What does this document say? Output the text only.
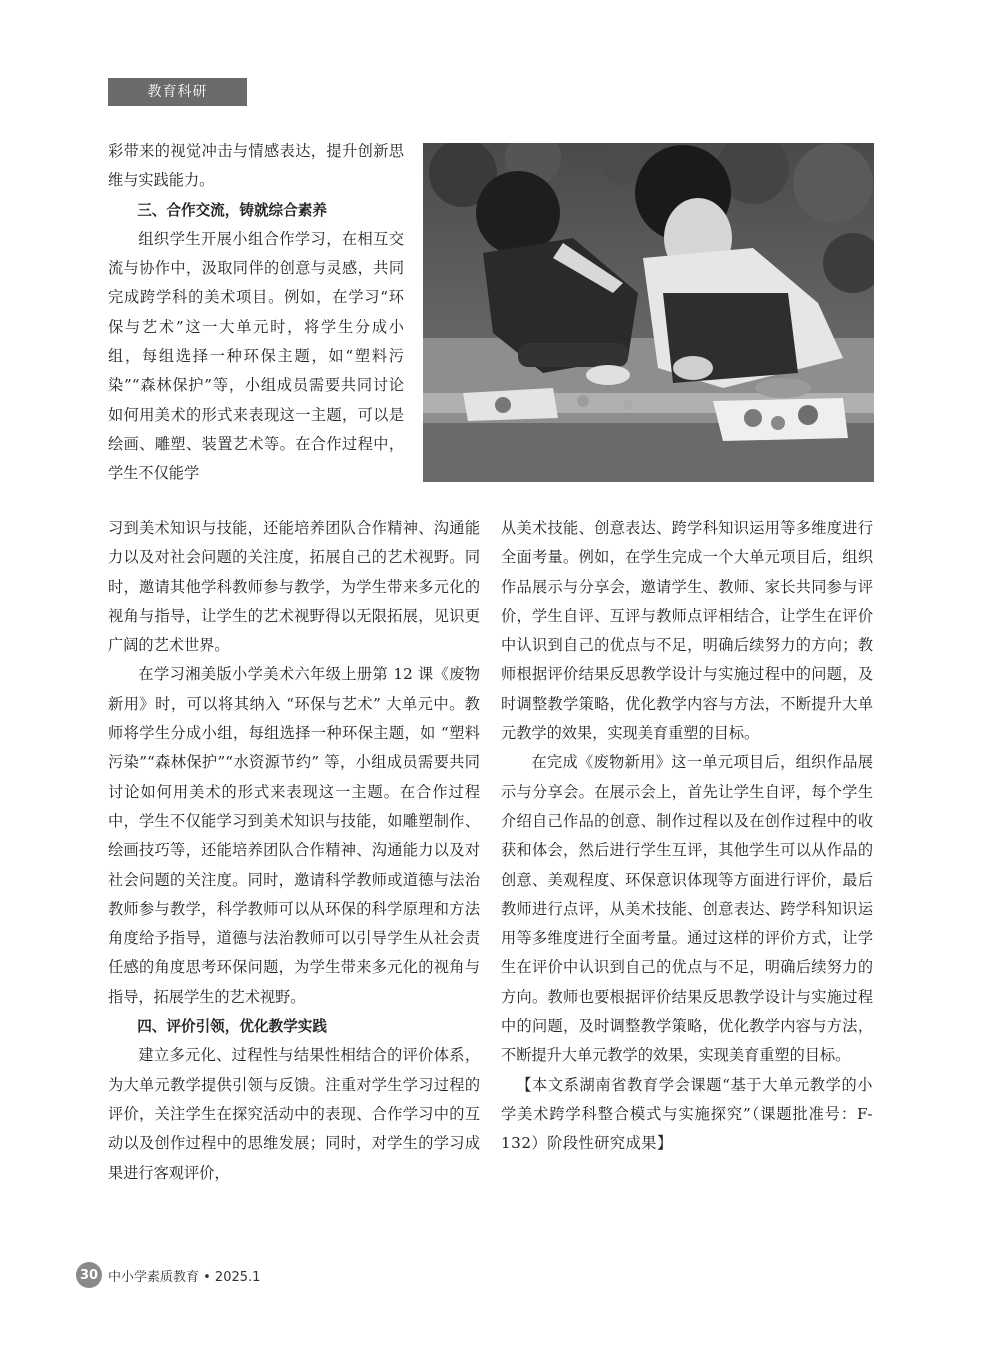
教育科研

彩带来的视觉冲击与情感表达，提升创新思维与实践能力。

三、合作交流，铸就综合素养

组织学生开展小组合作学习，在相互交流与协作中，汲取同伴的创意与灵感，共同完成跨学科的美术项目。例如，在学习“环保与艺术”这一大单元时，将学生分成小组，每组选择一种环保主题，如“塑料污染”“森林保护”等，小组成员需要共同讨论如何用美术的形式来表现这一主题，可以是绘画、雕塑、装置艺术等。在合作过程中，学生不仅能学

习到美术知识与技能，还能培养团队合作精神、沟通能力以及对社会问题的关注度，拓展自己的艺术视野。同时，邀请其他学科教师参与教学，为学生带来多元化的视角与指导，让学生的艺术视野得以无限拓展，见识更广阔的艺术世界。

在学习湘美版小学美术六年级上册第 12 课《废物新用》时，可以将其纳入 “环保与艺术” 大单元中。教师将学生分成小组，每组选择一种环保主题，如 “塑料污染”“森林保护”“水资源节约” 等，小组成员需要共同讨论如何用美术的形式来表现这一主题。在合作过程中，学生不仅能学习到美术知识与技能，如雕塑制作、绘画技巧等，还能培养团队合作精神、沟通能力以及对社会问题的关注度。同时，邀请科学教师或道德与法治教师参与教学，科学教师可以从环保的科学原理和方法角度给予指导，道德与法治教师可以引导学生从社会责任感的角度思考环保问题，为学生带来多元化的视角与指导，拓展学生的艺术视野。

四、评价引领，优化教学实践

建立多元化、过程性与结果性相结合的评价体系，为大单元教学提供引领与反馈。注重对学生学习过程的评价，关注学生在探究活动中的表现、合作学习中的互动以及创作过程中的思维发展；同时，对学生的学习成果进行客观评价，

从美术技能、创意表达、跨学科知识运用等多维度进行全面考量。例如，在学生完成一个大单元项目后，组织作品展示与分享会，邀请学生、教师、家长共同参与评价，学生自评、互评与教师点评相结合，让学生在评价中认识到自己的优点与不足，明确后续努力的方向；教师根据评价结果反思教学设计与实施过程中的问题，及时调整教学策略，优化教学内容与方法，不断提升大单元教学的效果，实现美育重塑的目标。

在完成《废物新用》这一单元项目后，组织作品展示与分享会。在展示会上，首先让学生自评，每个学生介绍自己作品的创意、制作过程以及在创作过程中的收获和体会，然后进行学生互评，其他学生可以从作品的创意、美观程度、环保意识体现等方面进行评价，最后教师进行点评，从美术技能、创意表达、跨学科知识运用等多维度进行全面考量。通过这样的评价方式，让学生在评价中认识到自己的优点与不足，明确后续努力的方向。教师也要根据评价结果反思教学设计与实施过程中的问题，及时调整教学策略，优化教学内容与方法，不断提升大单元教学的效果，实现美育重塑的目标。

【本文系湖南省教育学会课题“基于大单元教学的小学美术跨学科整合模式与实施探究”（课题批准号：F-132）阶段性研究成果】

30 中小学素质教育 • 2025.1
